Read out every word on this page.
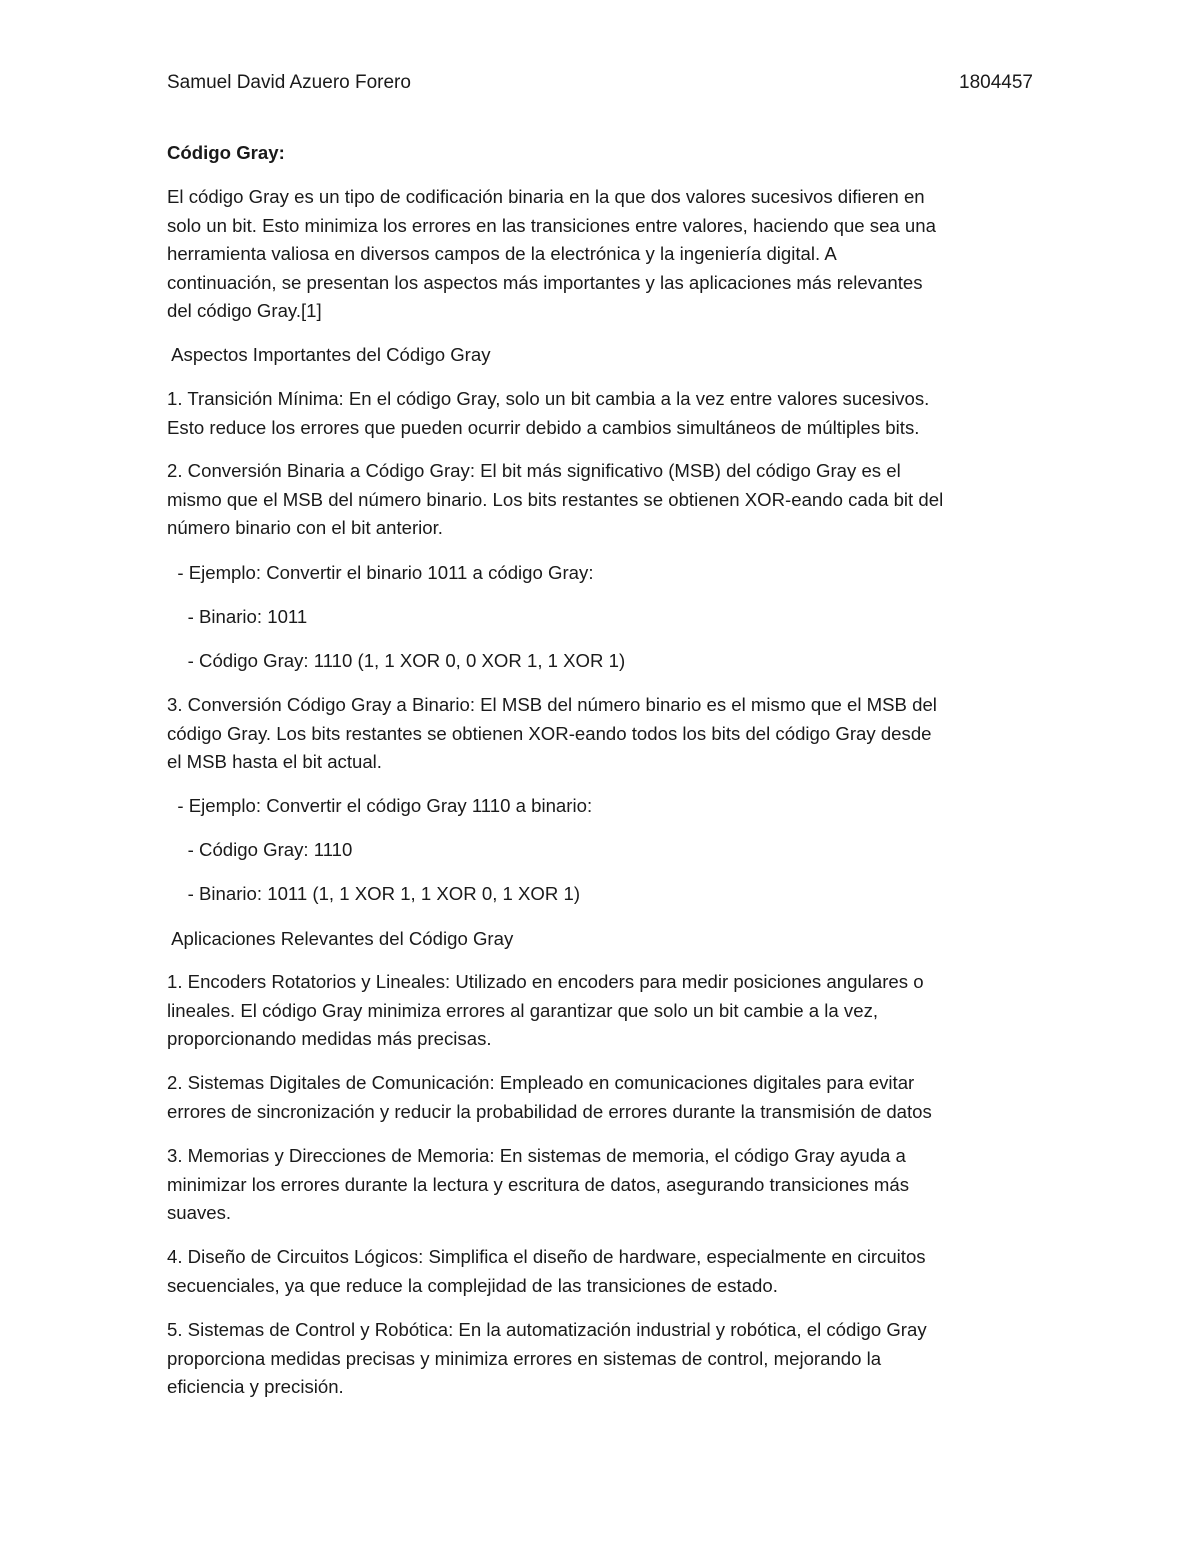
Samuel David Azuero Forero	1804457

Código Gray:

El código Gray es un tipo de codificación binaria en la que dos valores sucesivos difieren en
solo un bit. Esto minimiza los errores en las transiciones entre valores, haciendo que sea una
herramienta valiosa en diversos campos de la electrónica y la ingeniería digital. A
continuación, se presentan los aspectos más importantes y las aplicaciones más relevantes
del código Gray.[1]

Aspectos Importantes del Código Gray

1. Transición Mínima: En el código Gray, solo un bit cambia a la vez entre valores sucesivos.
Esto reduce los errores que pueden ocurrir debido a cambios simultáneos de múltiples bits.

2. Conversión Binaria a Código Gray: El bit más significativo (MSB) del código Gray es el
mismo que el MSB del número binario. Los bits restantes se obtienen XOR-eando cada bit del
número binario con el bit anterior.

- Ejemplo: Convertir el binario 1011 a código Gray:

- Binario: 1011

- Código Gray: 1110 (1, 1 XOR 0, 0 XOR 1, 1 XOR 1)

3. Conversión Código Gray a Binario: El MSB del número binario es el mismo que el MSB del
código Gray. Los bits restantes se obtienen XOR-eando todos los bits del código Gray desde
el MSB hasta el bit actual.

- Ejemplo: Convertir el código Gray 1110 a binario:

- Código Gray: 1110

- Binario: 1011 (1, 1 XOR 1, 1 XOR 0, 1 XOR 1)

Aplicaciones Relevantes del Código Gray

1. Encoders Rotatorios y Lineales: Utilizado en encoders para medir posiciones angulares o
lineales. El código Gray minimiza errores al garantizar que solo un bit cambie a la vez,
proporcionando medidas más precisas.

2. Sistemas Digitales de Comunicación: Empleado en comunicaciones digitales para evitar
errores de sincronización y reducir la probabilidad de errores durante la transmisión de datos

3. Memorias y Direcciones de Memoria: En sistemas de memoria, el código Gray ayuda a
minimizar los errores durante la lectura y escritura de datos, asegurando transiciones más
suaves.

4. Diseño de Circuitos Lógicos: Simplifica el diseño de hardware, especialmente en circuitos
secuenciales, ya que reduce la complejidad de las transiciones de estado.

5. Sistemas de Control y Robótica: En la automatización industrial y robótica, el código Gray
proporciona medidas precisas y minimiza errores en sistemas de control, mejorando la
eficiencia y precisión.
